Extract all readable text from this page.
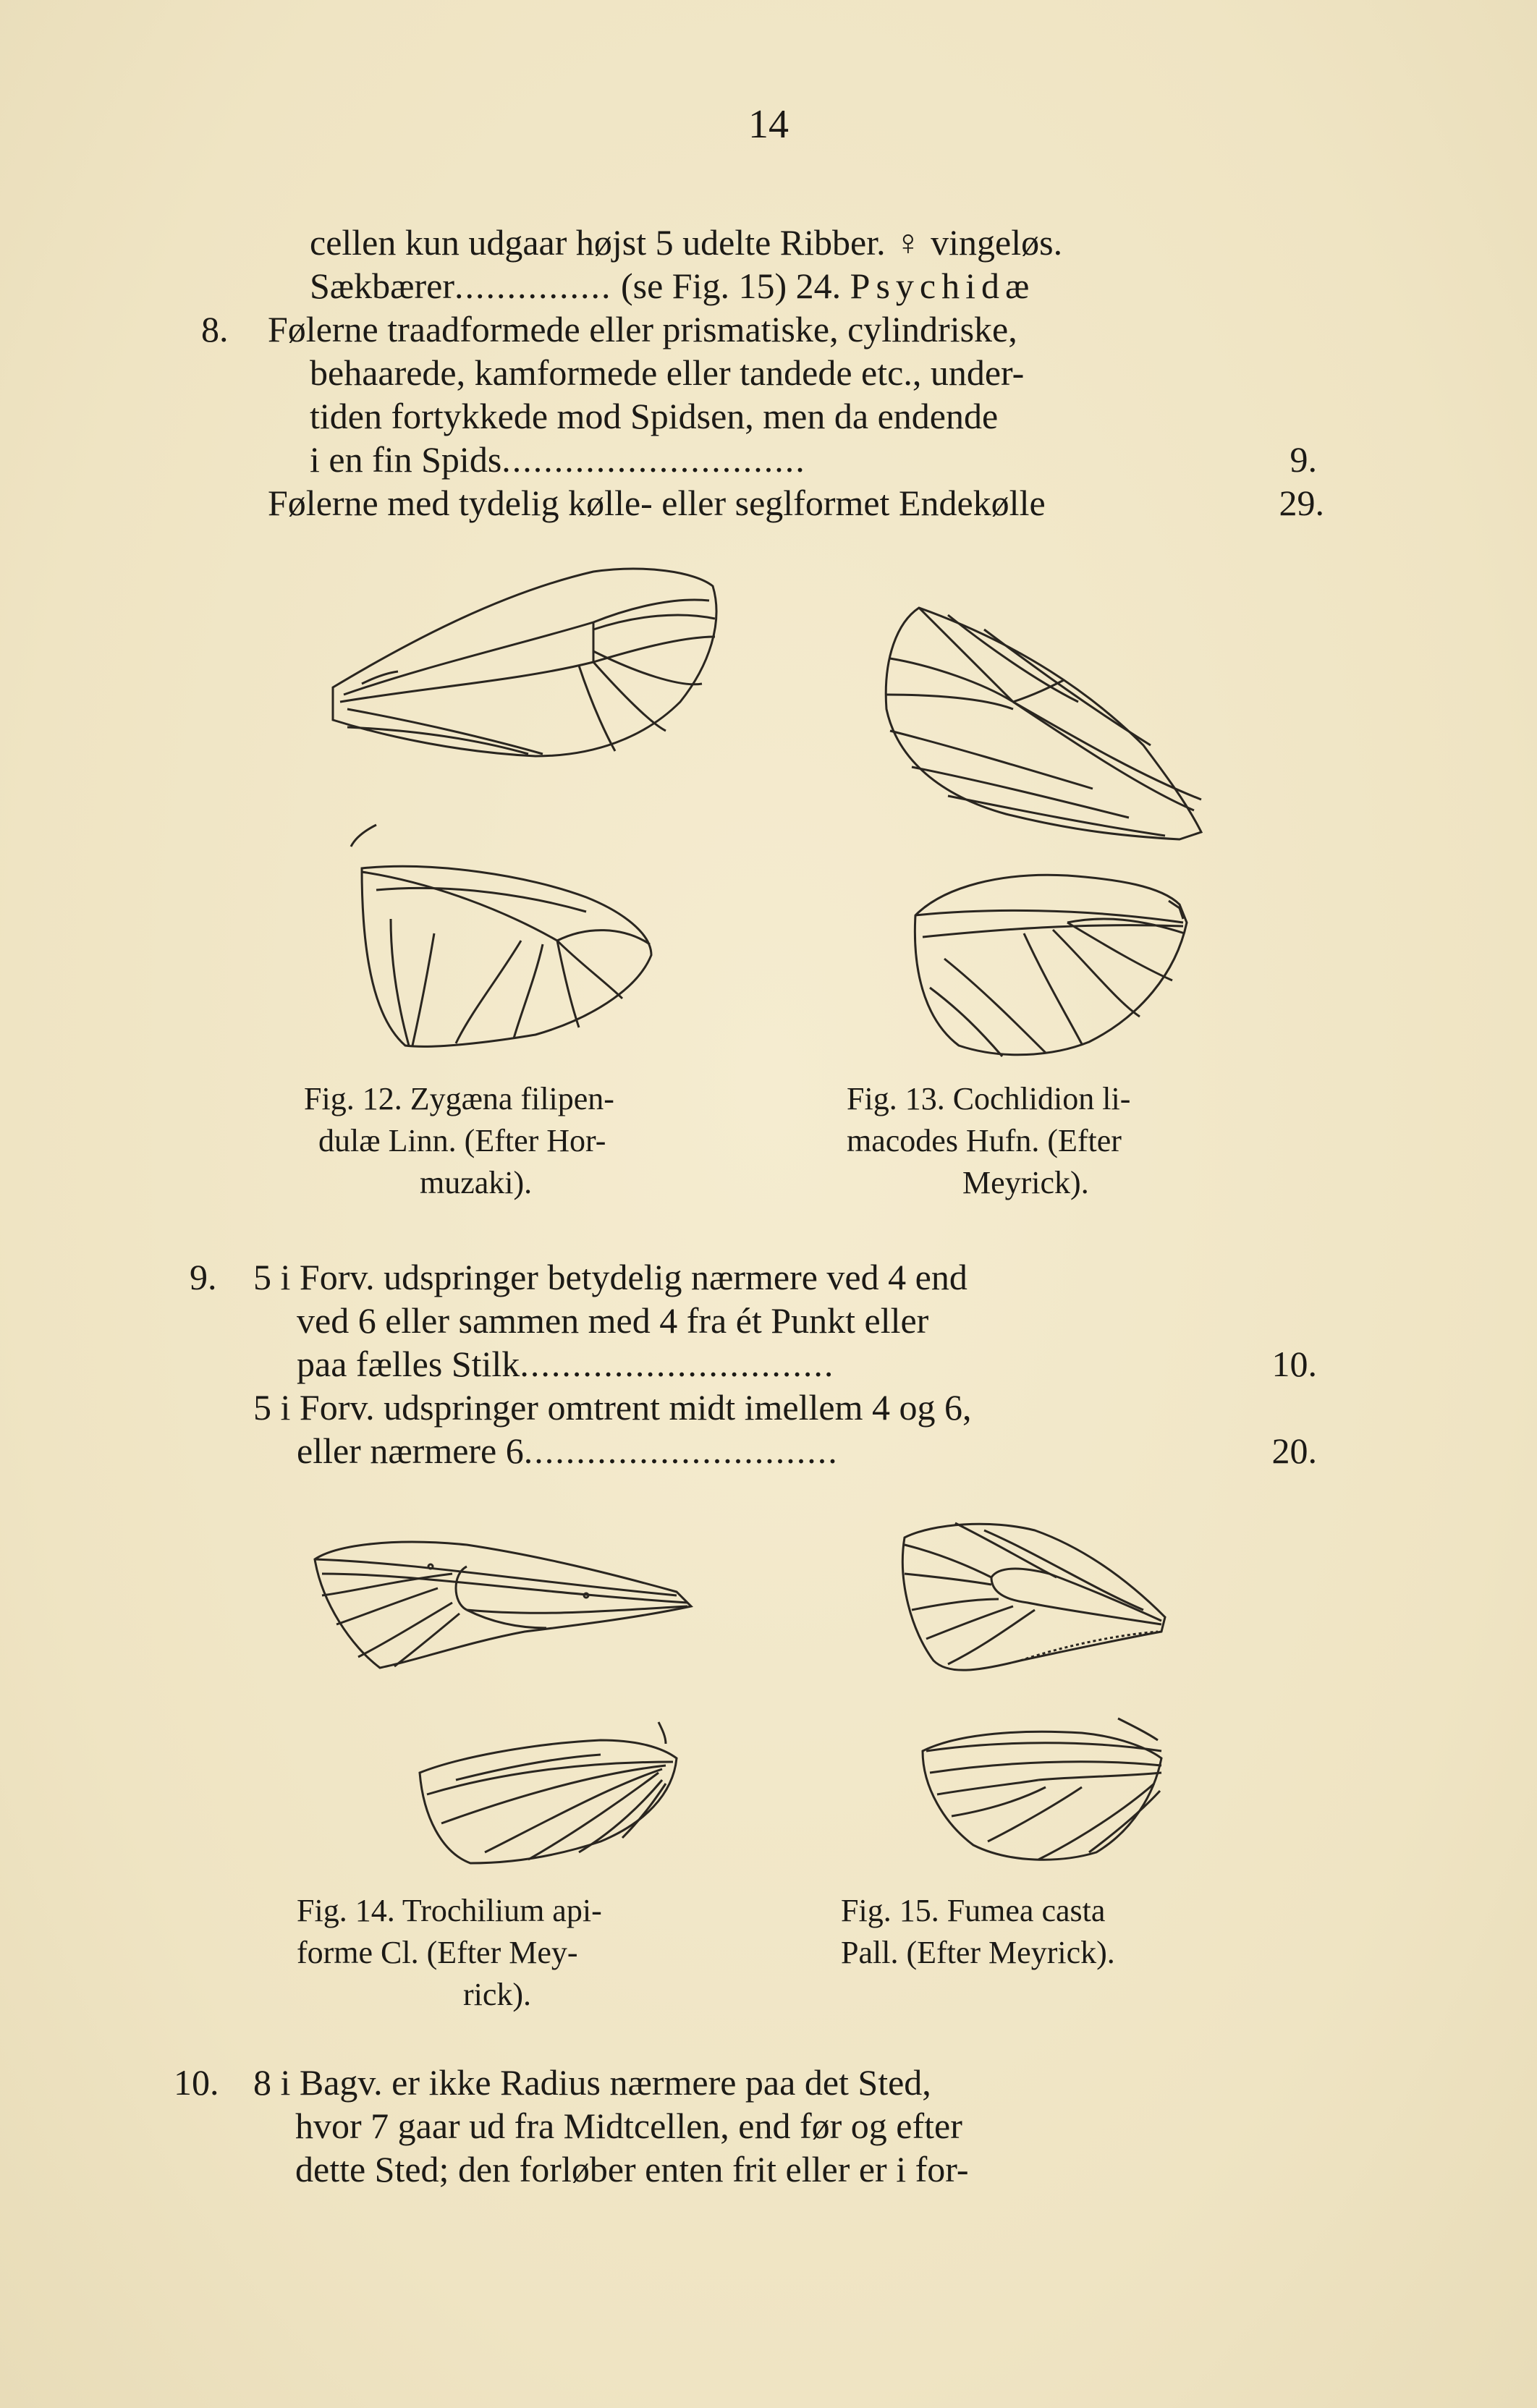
14
cellen kun udgaar højst 5 udelte Ribber. ♀ vingeløs.
Sækbærer............... (se Fig. 15) 24. Psychidæ
8. Følerne traadformede eller prismatiske, cylindriske,
behaarede, kamformede eller tandede etc., under-
tiden fortykkede mod Spidsen, men da endende
i en fin Spids.............................	9.
Følerne med tydelig kølle- eller seglformet Endekølle	29.
Fig. 12. Zygæna filipen-
dulæ Linn. (Efter Hor-
muzaki).
Fig. 13. Cochlidion li-
macodes Hufn. (Efter
Meyrick).
9. 5 i Forv. udspringer betydelig nærmere ved 4 end
ved 6 eller sammen med 4 fra ét Punkt eller
paa fælles Stilk..............................	10.
5 i Forv. udspringer omtrent midt imellem 4 og 6,
eller nærmere 6..............................	20.
Fig. 14. Trochilium api-
forme Cl. (Efter Mey-
rick).
Fig. 15. Fumea casta
Pall. (Efter Meyrick).
10. 8 i Bagv. er ikke Radius nærmere paa det Sted,
hvor 7 gaar ud fra Midtcellen, end før og efter
dette Sted; den forløber enten frit eller er i for-
